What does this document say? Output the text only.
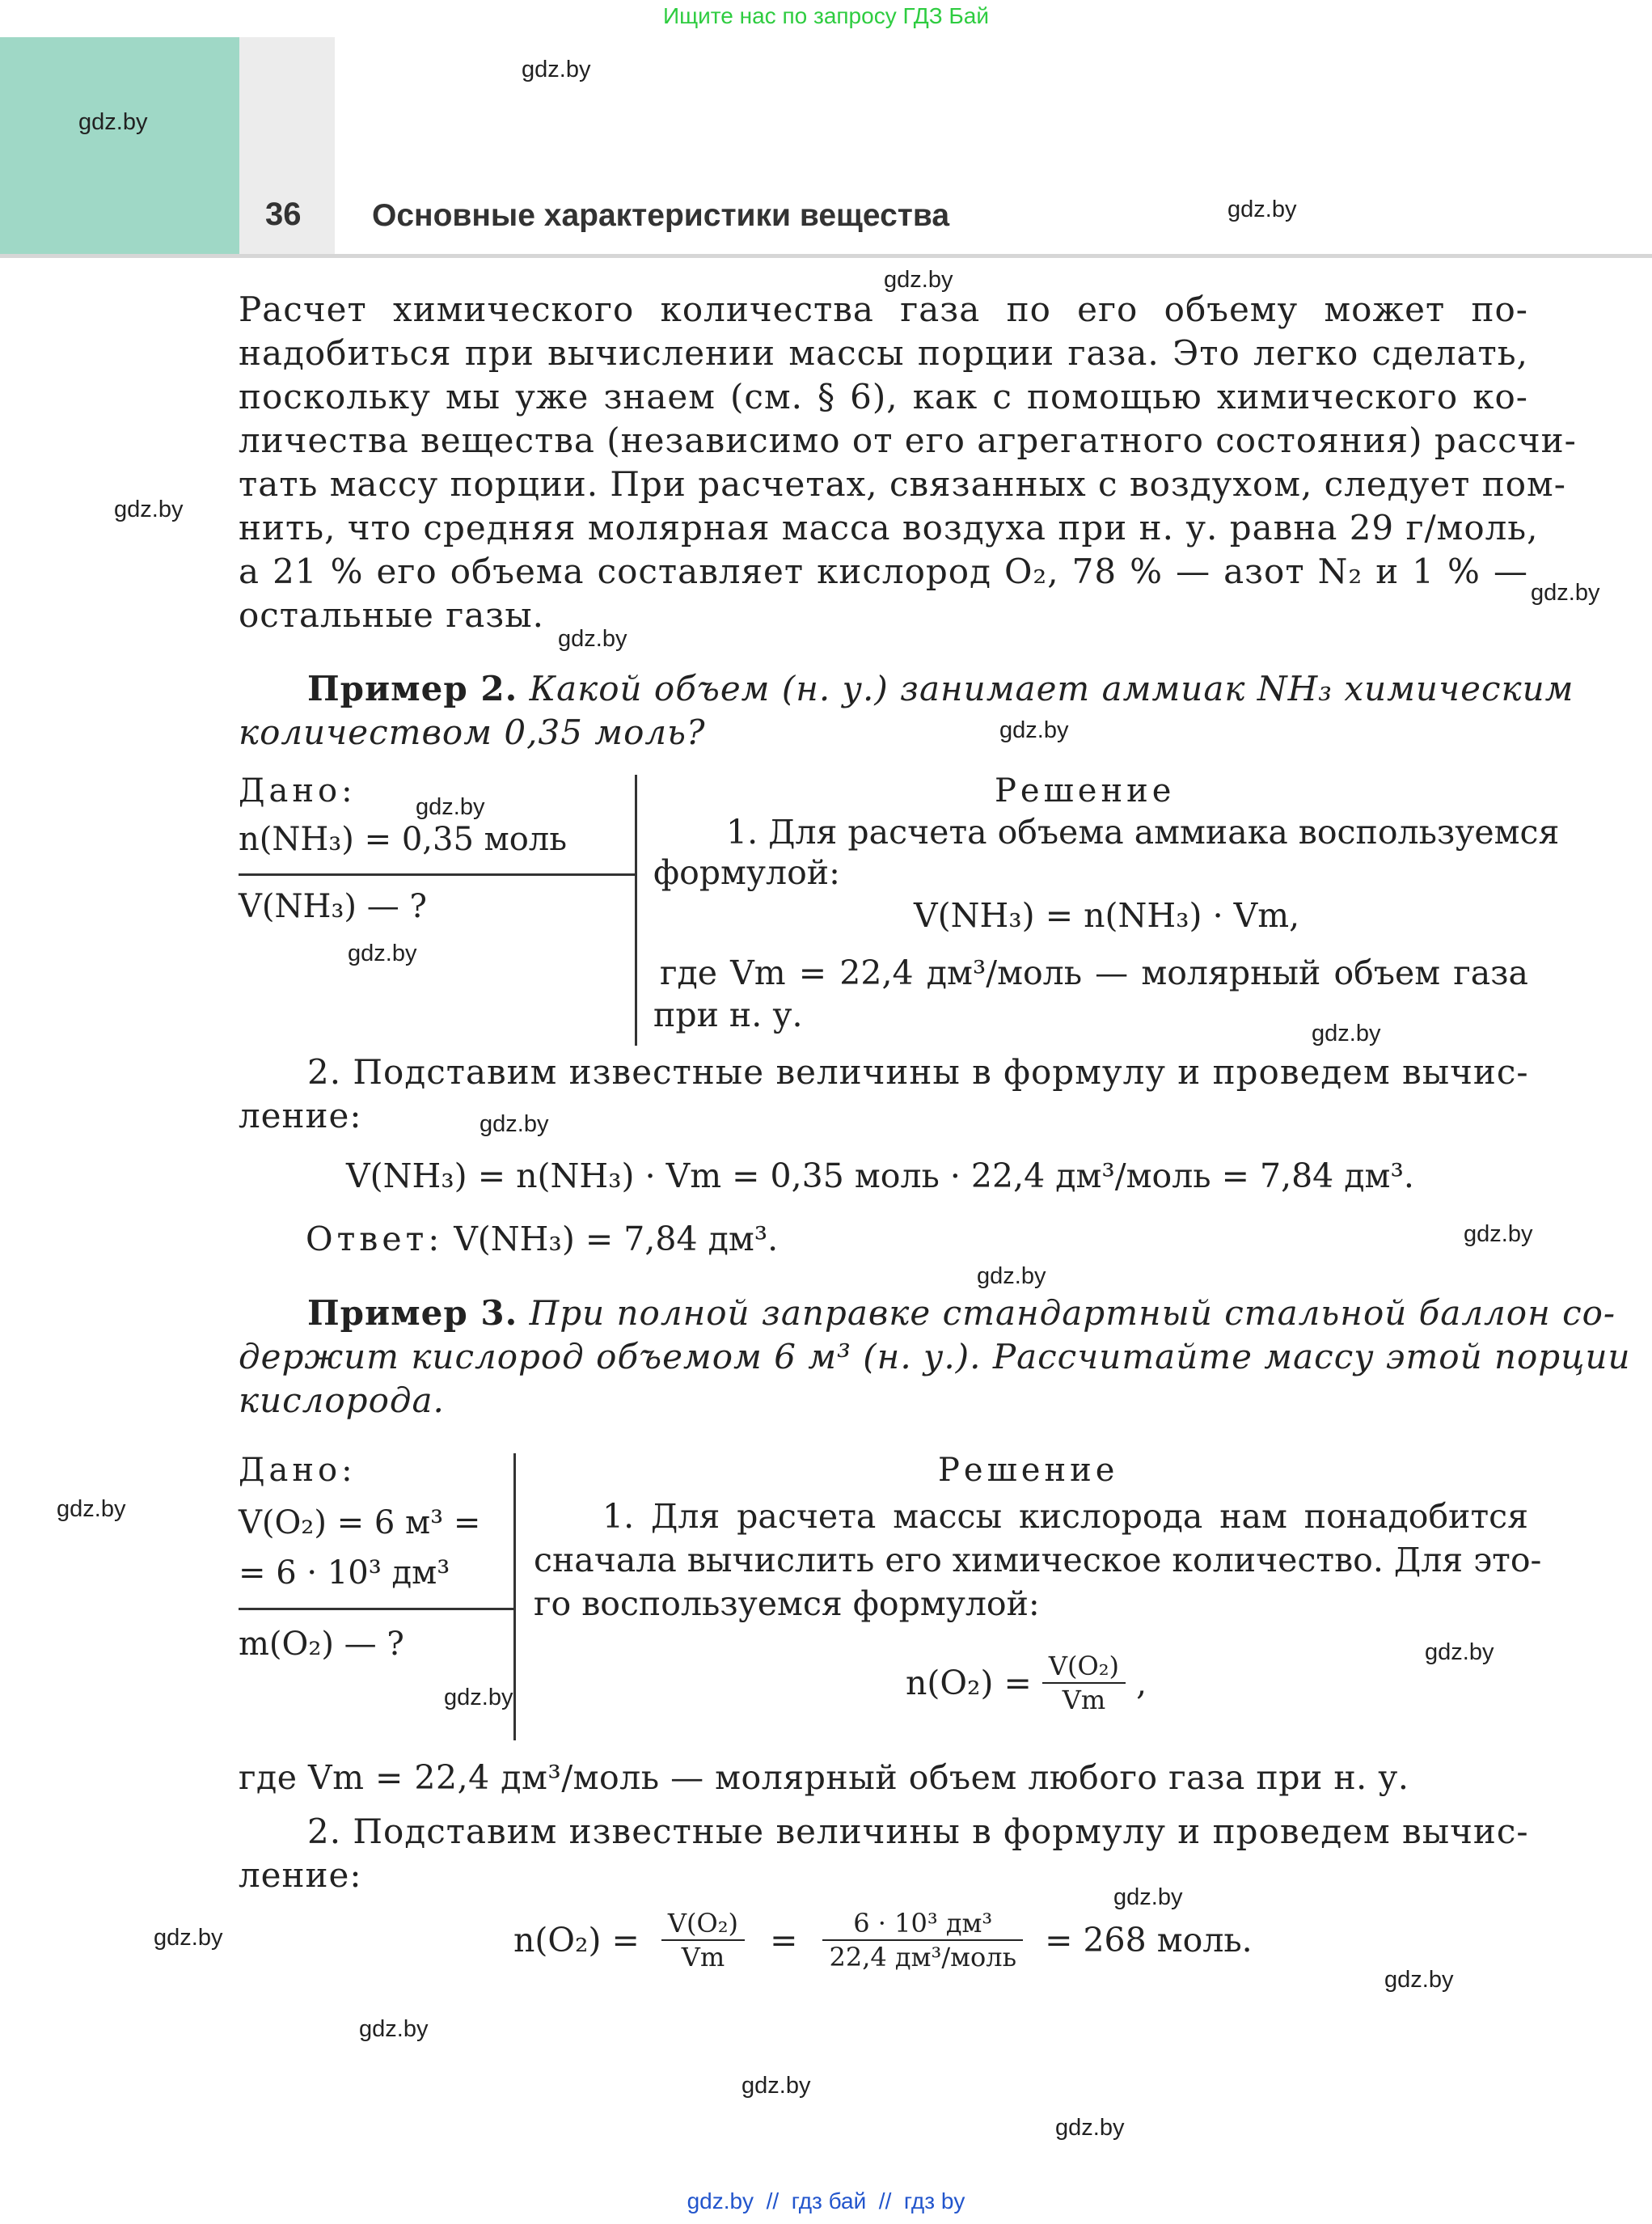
Ищите нас по запросу ГДЗ Бай
gdz.by
36 Основные характеристики вещества
gdz.by
gdz.by
gdz.by
gdz.by
gdz.by
gdz.by
gdz.by
gdz.by
gdz.by
gdz.by
gdz.by
gdz.by
gdz.by
gdz.by
gdz.by
gdz.by
gdz.by
gdz.by
gdz.by
gdz.by
gdz.by
gdz.by
Расчет химического количества газа по его объему может по-
надобиться при вычислении массы порции газа. Это легко сделать,
поскольку мы уже знаем (см. § 6), как с помощью химического ко-
личества вещества (независимо от его агрегатного состояния) рассчи-
тать массу порции. При расчетах, связанных с воздухом, следует пом-
нить, что средняя молярная масса воздуха при н. у. равна 29 г/моль,
а 21 % его объема составляет кислород O₂, 78 % — азот N₂ и 1 % —
остальные газы.
Пример 2. Какой объем (н. у.) занимает аммиак NH₃ химическим
количеством 0,35 моль?
Дано:
n(NH₃) = 0,35 моль
V(NH₃) — ?
Решение
1. Для расчета объема аммиака воспользуемся
формулой:
V(NH₃) = n(NH₃) · Vm,
где Vm = 22,4 дм³/моль — молярный объем газа
при н. у.
2. Подставим известные величины в формулу и проведем вычис-
ление:
V(NH₃) = n(NH₃) · Vm = 0,35 моль · 22,4 дм³/моль = 7,84 дм³.
Ответ: V(NH₃) = 7,84 дм³.
Пример 3. При полной заправке стандартный стальной баллон со-
держит кислород объемом 6 м³ (н. у.). Рассчитайте массу этой порции
кислорода.
Дано:
V(O₂) = 6 м³ =
= 6 · 10³ дм³
m(O₂) — ?
Решение
1. Для расчета массы кислорода нам понадобится
сначала вычислить его химическое количество. Для это-
го воспользуемся формулой:
$n(O_2) = \frac{\text{V(O₂)}}{Vm}$ ,
где Vm = 22,4 дм³/моль — молярный объем любого газа при н. у.
2. Подставим известные величины в формулу и проведем вычис-
ление:
$n(O_2) = \frac{\text{V(O₂)}}{Vm} = \frac{\text{6 · 10³ дм³}}{\text{22,4 дм³/моль}} = 268$ моль.
gdz.by  //  гдз бай  //  гдз by
